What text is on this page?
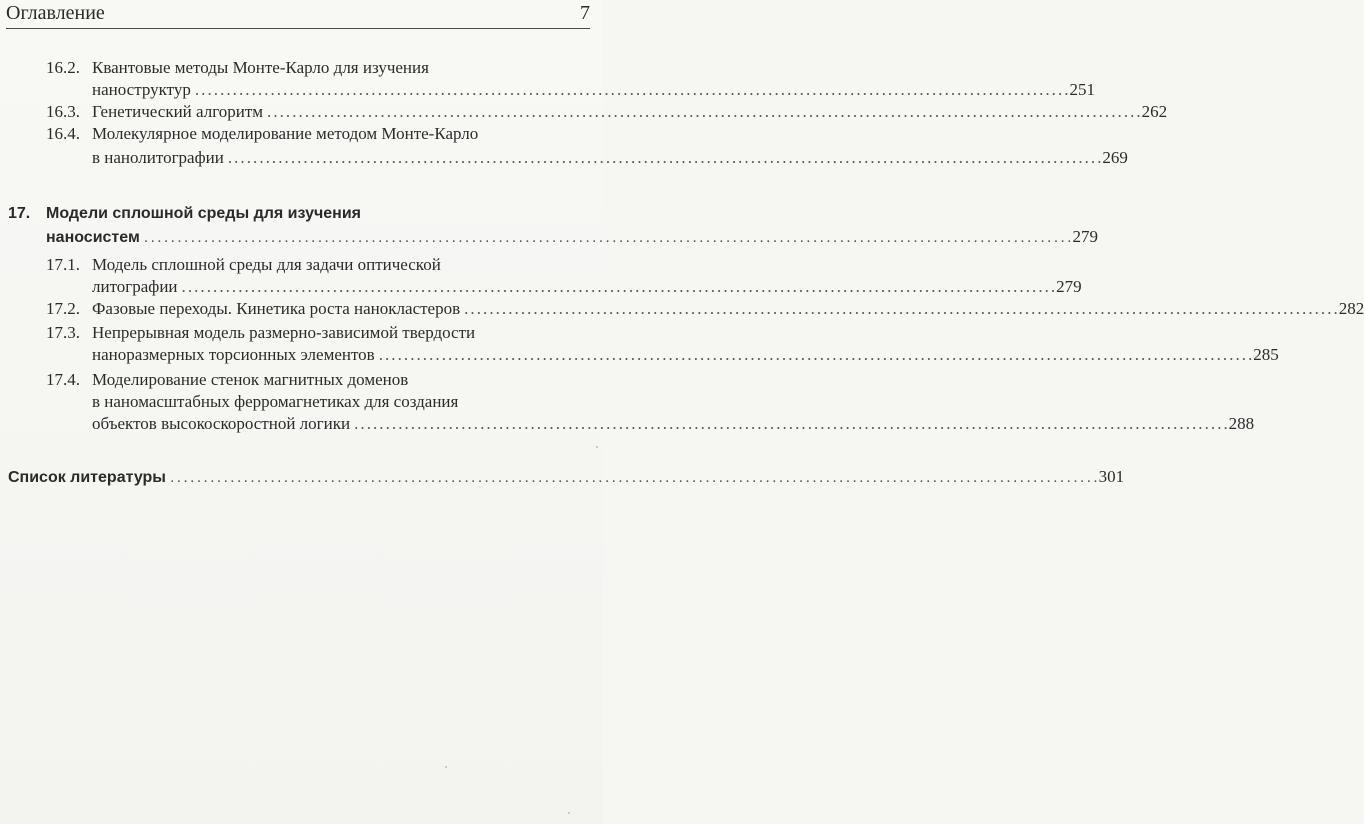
Оглавление	7
16.2. Квантовые методы Монте-Карло для изучения
наноструктур . . .	251
16.3. Генетический алгоритм . . .	262
16.4. Молекулярное моделирование методом Монте-Карло
в нанолитографии . . .	269
17. Модели сплошной среды для изучения
наносистем . . .	279
17.1. Модель сплошной среды для задачи оптической
литографии . . .	279
17.2. Фазовые переходы. Кинетика роста нанокластеров . . .	282
17.3. Непрерывная модель размерно-зависимой твердости
наноразмерных торсионных элементов . . .	285
17.4. Моделирование стенок магнитных доменов
в наномасштабных ферромагнетиках для создания
объектов высокоскоростной логики . . .	288
Список литературы . . .	301
